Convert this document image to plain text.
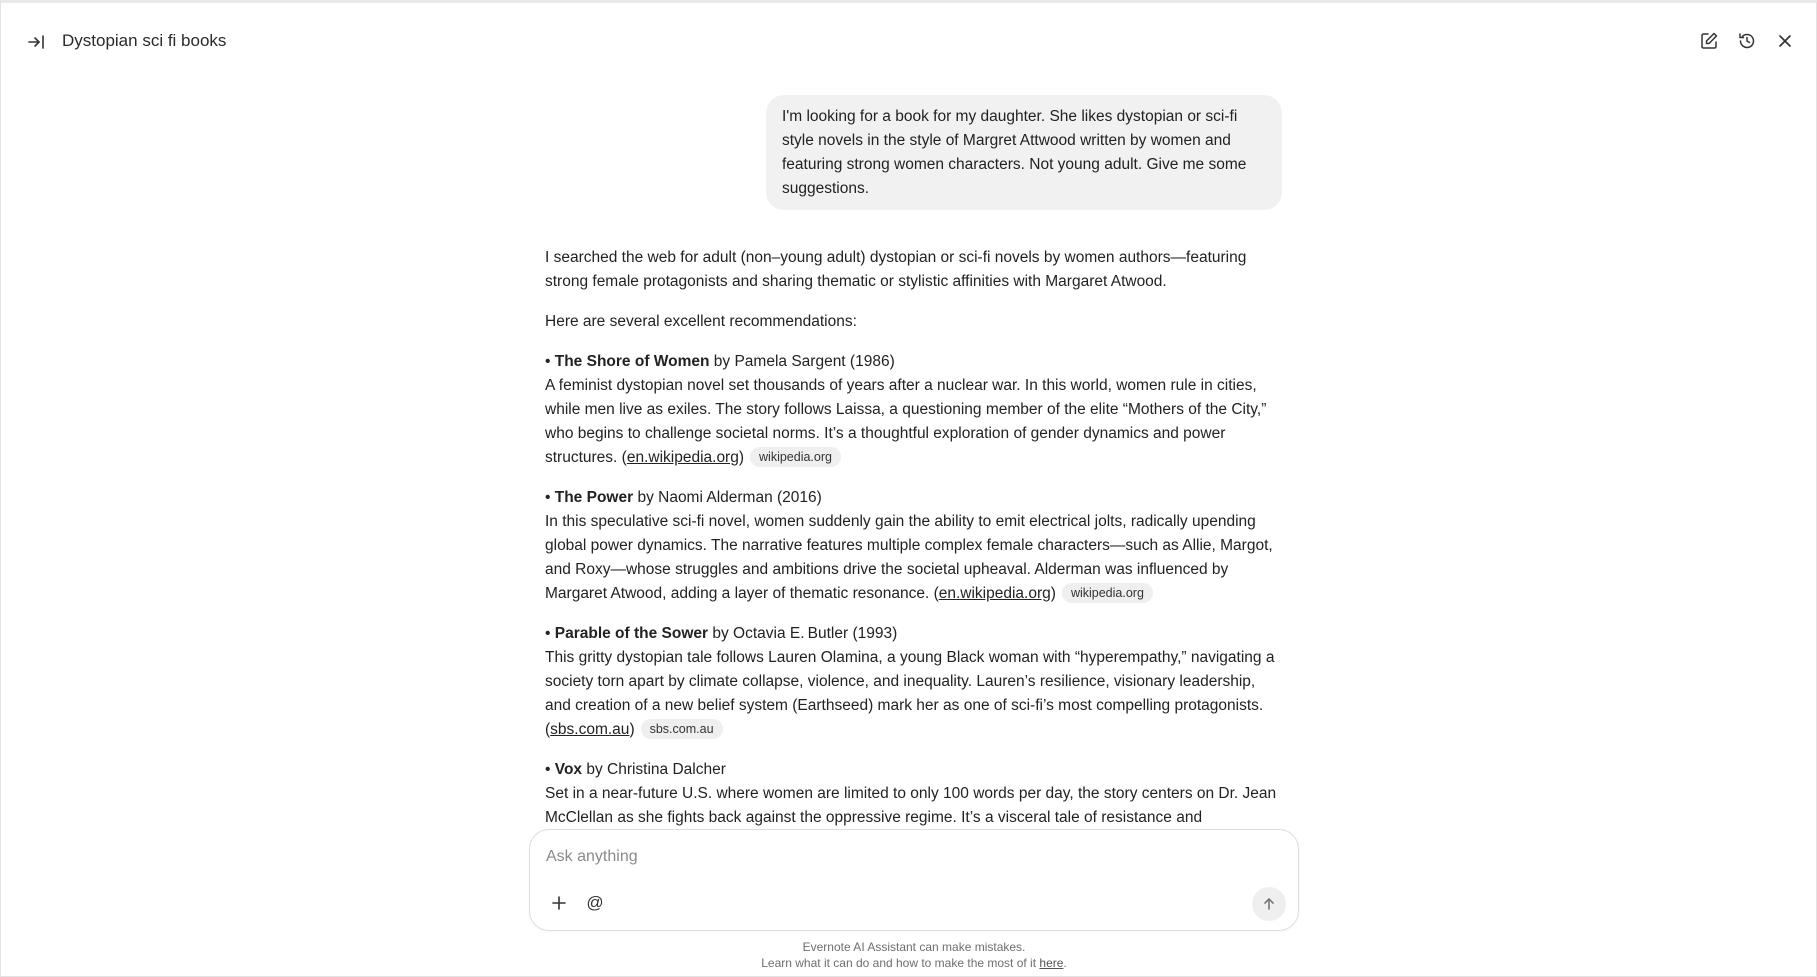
Dystopian sci fi books
I'm looking for a book for my daughter. She likes dystopian or sci-fi style novels in the style of Margret Attwood written by women and featuring strong women characters. Not young adult. Give me some suggestions.

I searched the web for adult (non–young adult) dystopian or sci-fi novels by women authors—featuring strong female protagonists and sharing thematic or stylistic affinities with Margaret Atwood.

Here are several excellent recommendations:

• The Shore of Women by Pamela Sargent (1986)
A feminist dystopian novel set thousands of years after a nuclear war. In this world, women rule in cities, while men live as exiles. The story follows Laissa, a questioning member of the elite “Mothers of the City,” who begins to challenge societal norms. It’s a thoughtful exploration of gender dynamics and power structures. (en.wikipedia.org) wikipedia.org
• The Power by Naomi Alderman (2016)
In this speculative sci-fi novel, women suddenly gain the ability to emit electrical jolts, radically upending global power dynamics. The narrative features multiple complex female characters—such as Allie, Margot, and Roxy—whose struggles and ambitions drive the societal upheaval. Alderman was influenced by Margaret Atwood, adding a layer of thematic resonance. (en.wikipedia.org) wikipedia.org
• Parable of the Sower by Octavia E. Butler (1993)
This gritty dystopian tale follows Lauren Olamina, a young Black woman with “hyperempathy,” navigating a society torn apart by climate collapse, violence, and inequality. Lauren’s resilience, visionary leadership, and creation of a new belief system (Earthseed) mark her as one of sci-fi’s most compelling protagonists. (sbs.com.au) sbs.com.au
• Vox by Christina Dalcher
Set in a near-future U.S. where women are limited to only 100 words per day, the story centers on Dr. Jean McClellan as she fights back against the oppressive regime. It’s a visceral tale of resistance and
Ask anything
@
Evernote AI Assistant can make mistakes.
Learn what it can do and how to make the most of it here.
